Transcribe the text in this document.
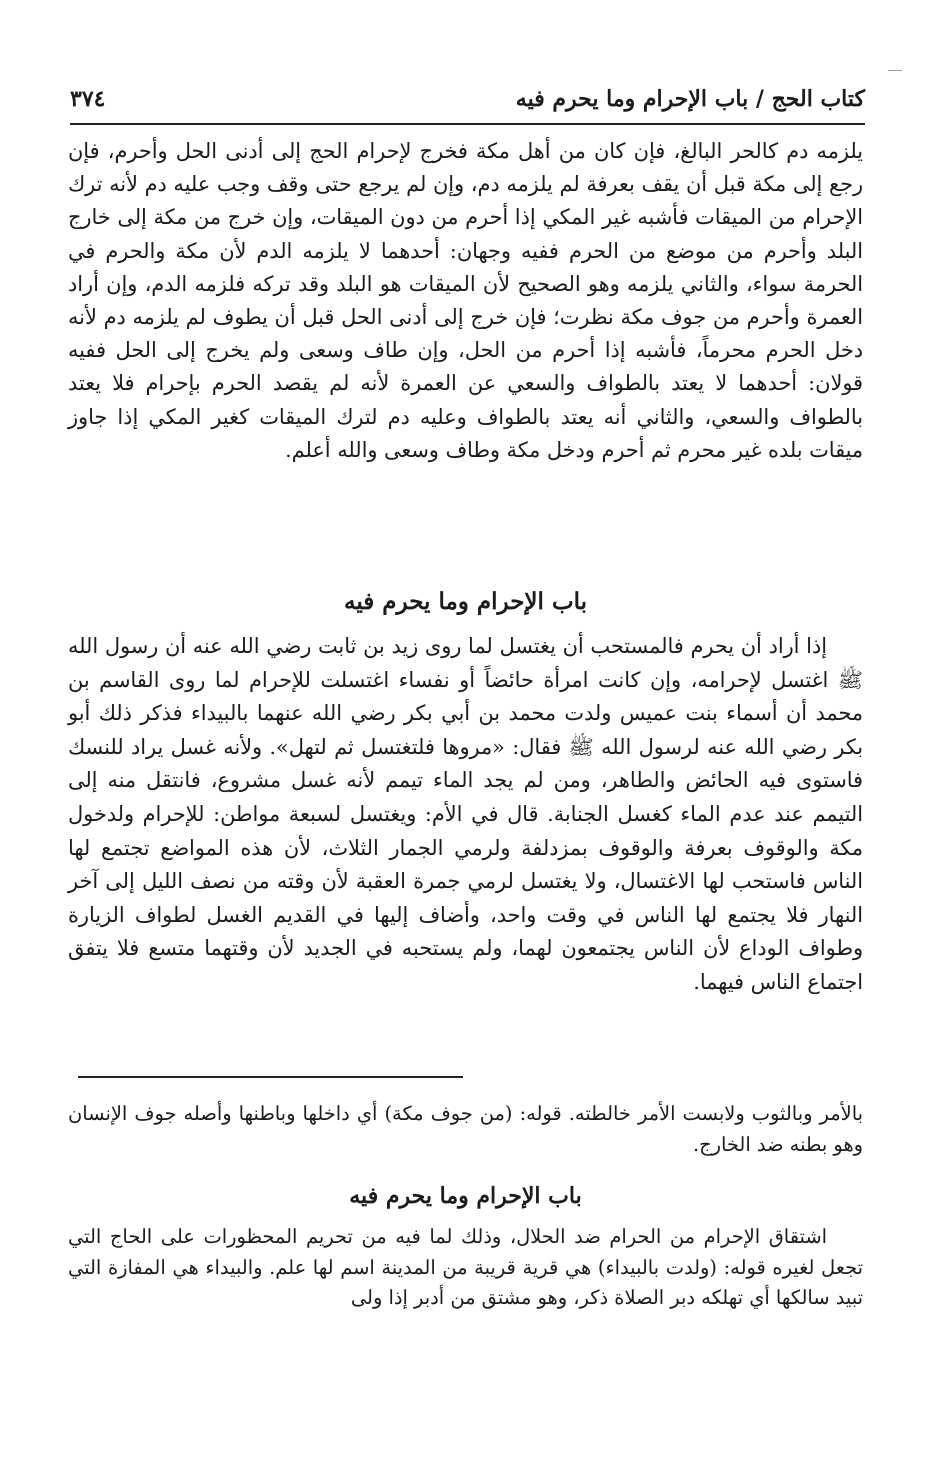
كتاب الحج / باب الإحرام وما يحرم فيه
٣٧٤

يلزمه دم كالحر البالغ، فإن كان من أهل مكة فخرج لإحرام الحج إلى أدنى الحل وأحرم، فإن رجع إلى مكة قبل أن يقف بعرفة لم يلزمه دم، وإن لم يرجع حتى وقف وجب عليه دم لأنه ترك الإحرام من الميقات فأشبه غير المكي إذا أحرم من دون الميقات، وإن خرج من مكة إلى خارج البلد وأحرم من موضع من الحرم ففيه وجهان: أحدهما لا يلزمه الدم لأن مكة والحرم في الحرمة سواء، والثاني يلزمه وهو الصحيح لأن الميقات هو البلد وقد تركه فلزمه الدم، وإن أراد العمرة وأحرم من جوف مكة نظرت؛ فإن خرج إلى أدنى الحل قبل أن يطوف لم يلزمه دم لأنه دخل الحرم محرماً، فأشبه إذا أحرم من الحل، وإن طاف وسعى ولم يخرج إلى الحل ففيه قولان: أحدهما لا يعتد بالطواف والسعي عن العمرة لأنه لم يقصد الحرم بإحرام فلا يعتد بالطواف والسعي، والثاني أنه يعتد بالطواف وعليه دم لترك الميقات كغير المكي إذا جاوز ميقات بلده غير محرم ثم أحرم ودخل مكة وطاف وسعى والله أعلم.

باب الإحرام وما يحرم فيه

إذا أراد أن يحرم فالمستحب أن يغتسل لما روى زيد بن ثابت رضي الله عنه أن رسول الله ﷺ اغتسل لإحرامه، وإن كانت امرأة حائضاً أو نفساء اغتسلت للإحرام لما روى القاسم بن محمد أن أسماء بنت عميس ولدت محمد بن أبي بكر رضي الله عنهما بالبيداء فذكر ذلك أبو بكر رضي الله عنه لرسول الله ﷺ فقال: «مروها فلتغتسل ثم لتهل». ولأنه غسل يراد للنسك فاستوى فيه الحائض والطاهر، ومن لم يجد الماء تيمم لأنه غسل مشروع، فانتقل منه إلى التيمم عند عدم الماء كغسل الجنابة. قال في الأم: ويغتسل لسبعة مواطن: للإحرام ولدخول مكة والوقوف بعرفة والوقوف بمزدلفة ولرمي الجمار الثلاث، لأن هذه المواضع تجتمع لها الناس فاستحب لها الاغتسال، ولا يغتسل لرمي جمرة العقبة لأن وقته من نصف الليل إلى آخر النهار فلا يجتمع لها الناس في وقت واحد، وأضاف إليها في القديم الغسل لطواف الزيارة وطواف الوداع لأن الناس يجتمعون لهما، ولم يستحبه في الجديد لأن وقتهما متسع فلا يتفق اجتماع الناس فيهما.

بالأمر وبالثوب ولابست الأمر خالطته. قوله: (من جوف مكة) أي داخلها وباطنها وأصله جوف الإنسان وهو بطنه ضد الخارج.

باب الإحرام وما يحرم فيه

اشتقاق الإحرام من الحرام ضد الحلال، وذلك لما فيه من تحريم المحظورات على الحاج التي تجعل لغيره قوله: (ولدت بالبيداء) هي قرية قريبة من المدينة اسم لها علم. والبيداء هي المفازة التي تبيد سالكها أي تهلكه دبر الصلاة ذكر، وهو مشتق من أدبر إذا ولى
